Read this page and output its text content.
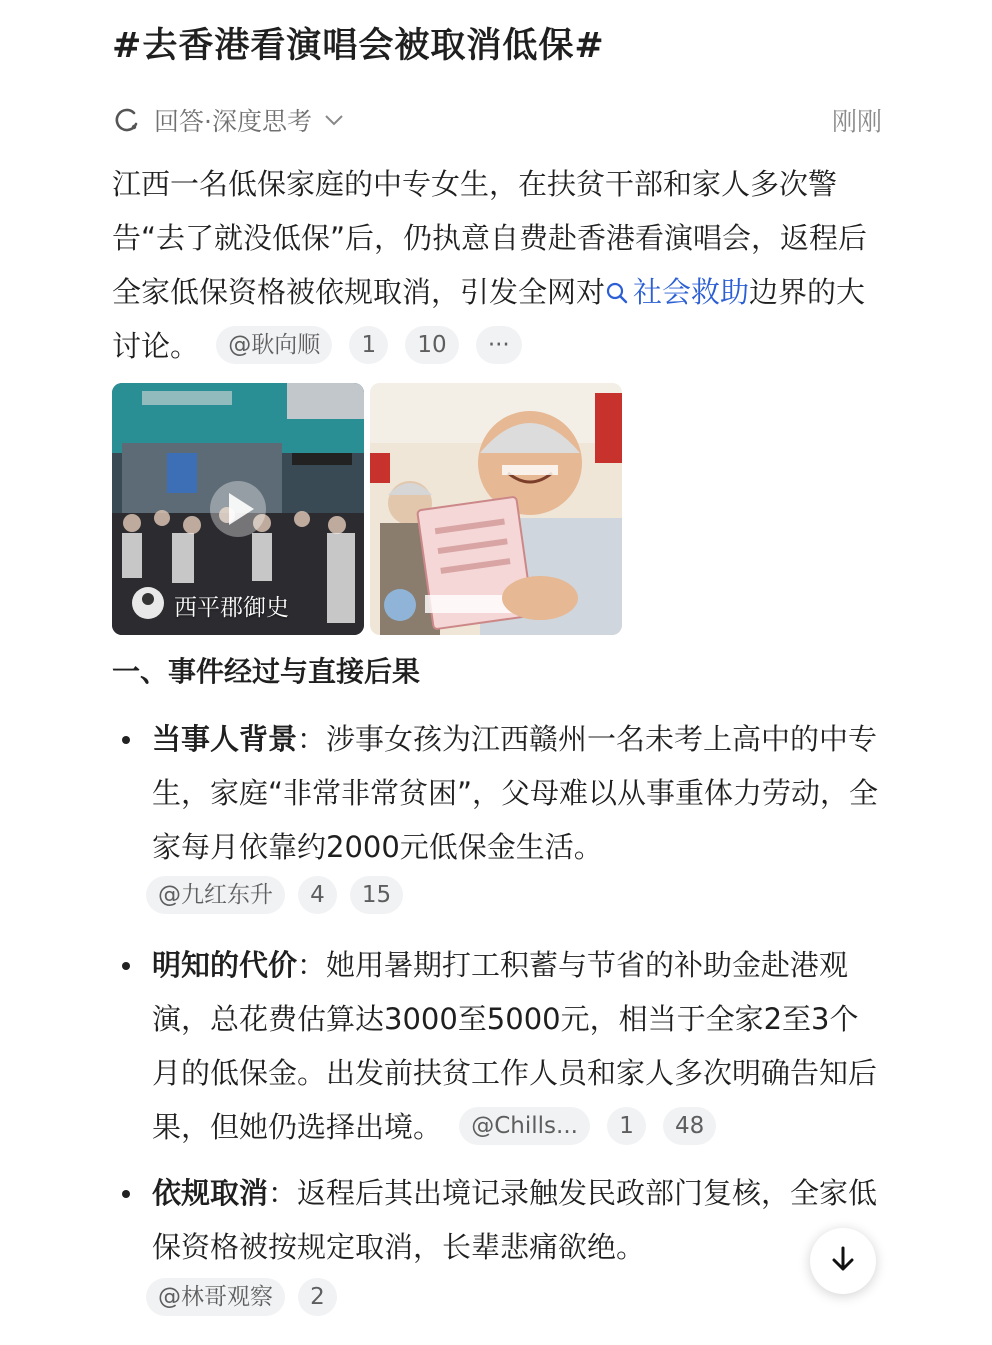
#去香港看演唱会被取消低保#
回答·深度思考	刚刚
江西一名低保家庭的中专女生，在扶贫干部和家人多次警告“去了就没低保”后，仍执意自费赴香港看演唱会，返程后全家低保资格被依规取消，引发全网对 社会救助边界的大讨论。 @耿向顺 1 10 ···
西平郡御史
一、事件经过与直接后果
当事人背景：涉事女孩为江西赣州一名未考上高中的中专生，家庭“非常非常贫困”，父母难以从事重体力劳动，全家每月依靠约2000元低保金生活。
@九红东升 4 15
明知的代价：她用暑期打工积蓄与节省的补助金赴港观演，总花费估算达3000至5000元，相当于全家2至3个月的低保金。出发前扶贫工作人员和家人多次明确告知后果，但她仍选择出境。 @Chills... 1 48
依规取消：返程后其出境记录触发民政部门复核，全家低保资格被按规定取消，长辈悲痛欲绝。
@林哥观察 2
